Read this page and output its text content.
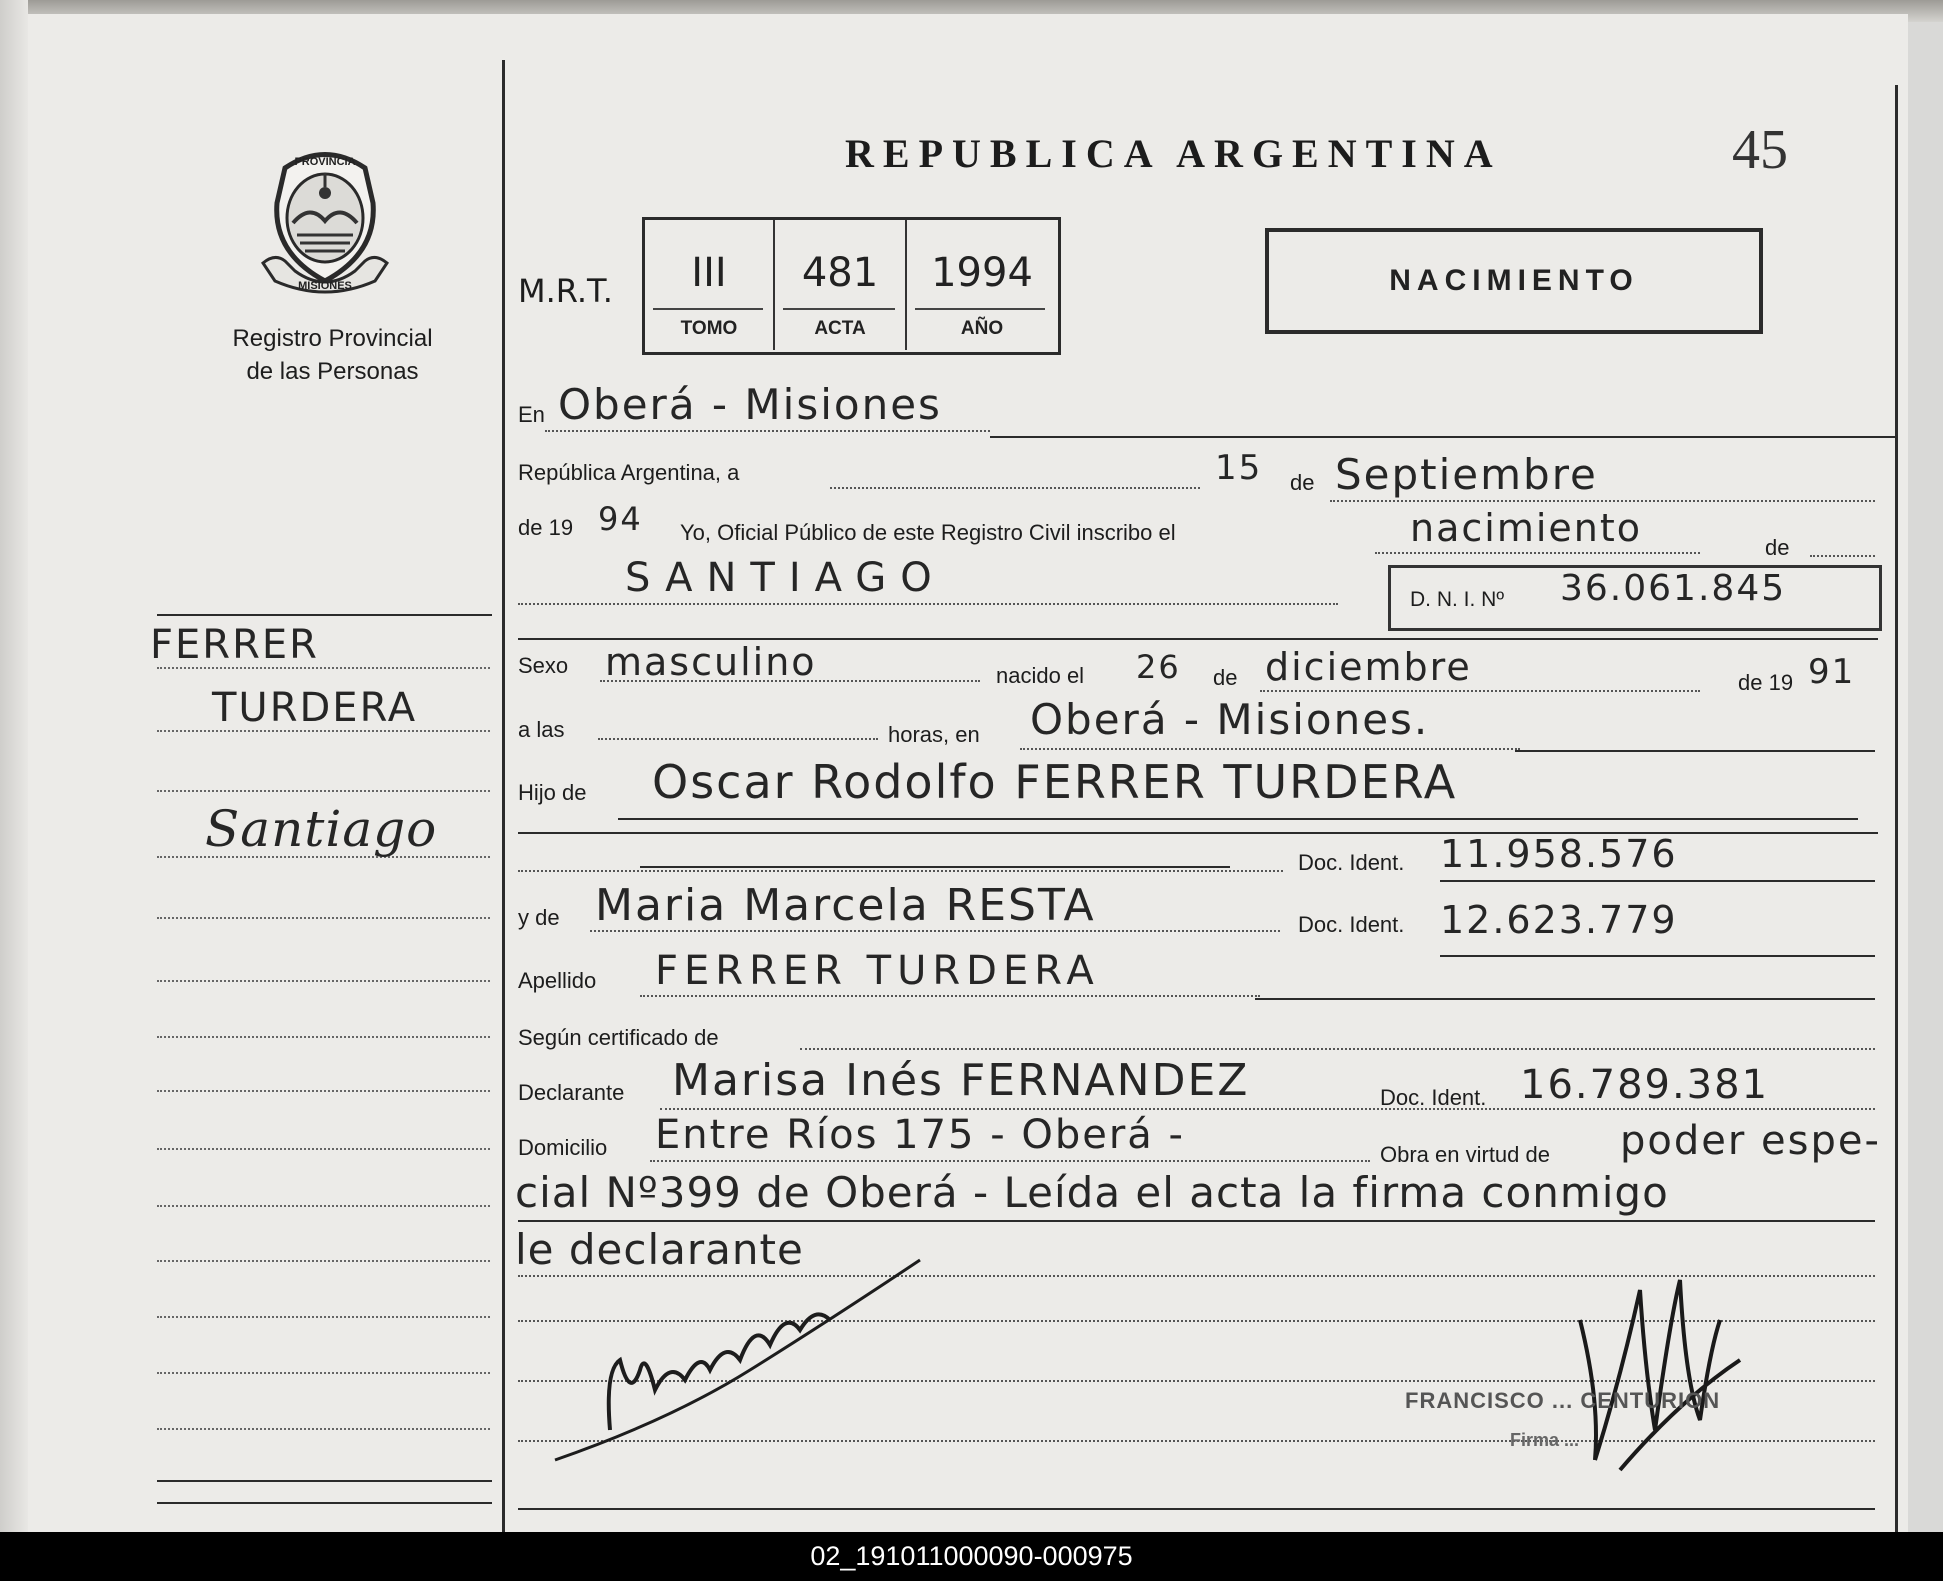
PROVINCIA
MISIONES
Registro Provincial
de las Personas
FERRER
TURDERA
Santiago
REPUBLICA ARGENTINA	45
M.R.T.	III
TOMO
481
ACTA
1994
AÑO
NACIMIENTO
En Oberá - Misiones
República Argentina, a	15 de Septiembre
de 19 94 Yo, Oficial Público de este Registro Civil inscribo el	nacimiento	de
SANTIAGO	D. N. I. Nº 36.061.845
Sexo masculino	nacido el 26 de diciembre	de 19 91
a las	horas, en Oberá - Misiones.
Hijo de Oscar Rodolfo FERRER TURDERA
Doc. Ident. 11.958.576
y de Maria Marcela RESTA	Doc. Ident. 12.623.779
Apellido FERRER TURDERA
Según certificado de
Declarante Marisa Inés FERNANDEZ	Doc. Ident. 16.789.381
Domicilio Entre Ríos 175 - Oberá -	Obra en virtud de poder espe-
cial Nº399 de Oberá - Leída el acta la firma conmigo
le declarante
FRANCISCO ... CENTURION
Firma ...
02_191011000090-000975
